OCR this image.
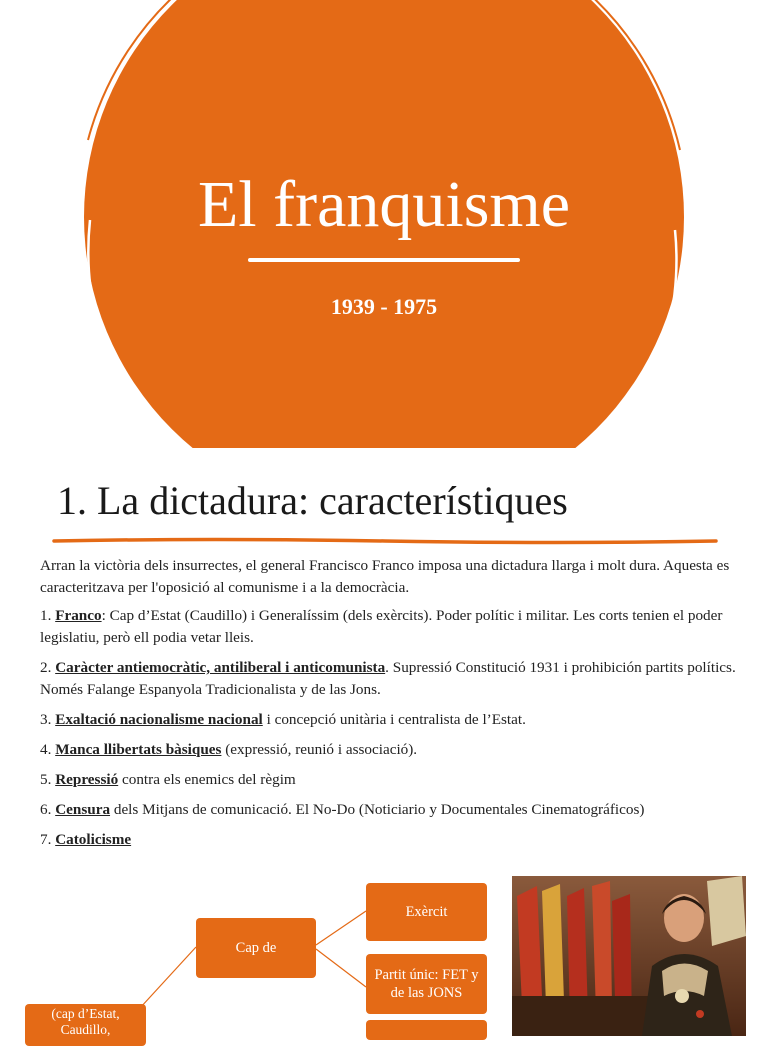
El franquisme
1939 - 1975
1. La dictadura: característiques

Arran la victòria dels insurrectes, el general Francisco Franco imposa una dictadura llarga i molt dura. Aquesta es caracteritzava per l'oposició al comunisme i a la democràcia.

1. Franco: Cap d’Estat (Caudillo) i Generalíssim (dels exèrcits). Poder polític i militar. Les corts tenien el poder legislatiu, però ell podia vetar lleis.

2. Caràcter antiemocràtic, antiliberal i anticomunista. Supressió Constitució 1931 i prohibición partits polítics. Només Falange Espanyola Tradicionalista y de las Jons.

3. Exaltació nacionalisme nacional i concepció unitària i centralista de l’Estat.

4. Manca llibertats bàsiques (expressió, reunió i associació).

5. Repressió contra els enemics del règim

6. Censura dels Mitjans de comunicació. El No-Do (Noticiario y Documentales Cinematográficos)

7. Catolicisme

(cap d’Estat, Caudillo,
Cap de
Exèrcit
Partit únic: FET y de las JONS
